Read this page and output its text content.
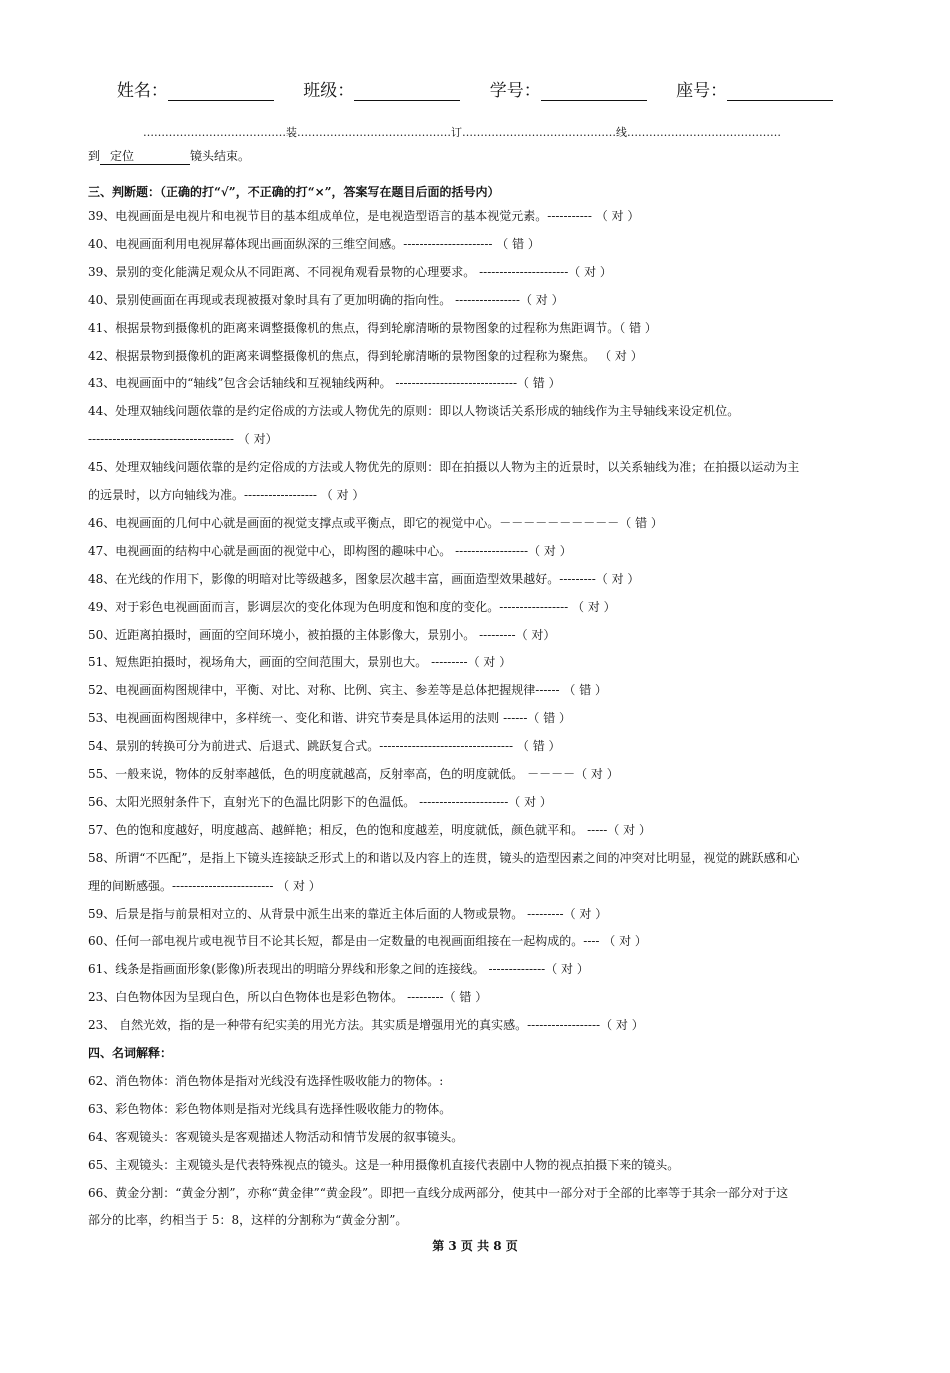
姓名：	班级：	学号：	座号：
…………………………………装……………………………………订……………………………………线……………………………………
到 定位	镜头结束。
三、判断题：（正确的打“√”，不正确的打“×”，答案写在题目后面的括号内）
39、电视画面是电视片和电视节目的基本组成单位，是电视造型语言的基本视觉元素。----------- （ 对 ）
40、电视画面利用电视屏幕体现出画面纵深的三维空间感。---------------------- （ 错 ）
39、景别的变化能满足观众从不同距离、不同视角观看景物的心理要求。 ----------------------（ 对 ）
40、景别使画面在再现或表现被摄对象时具有了更加明确的指向性。 ----------------（ 对 ）
41、根据景物到摄像机的距离来调整摄像机的焦点，得到轮廓清晰的景物图象的过程称为焦距调节。（ 错 ）
42、根据景物到摄像机的距离来调整摄像机的焦点，得到轮廓清晰的景物图象的过程称为聚焦。 （ 对 ）
43、电视画面中的“轴线”包含会话轴线和互视轴线两种。 ------------------------------（ 错 ）
44、处理双轴线问题依靠的是约定俗成的方法或人物优先的原则：即以人物谈话关系形成的轴线作为主导轴线来设定机位。
------------------------------------ （ 对）
45、处理双轴线问题依靠的是约定俗成的方法或人物优先的原则：即在拍摄以人物为主的近景时，以关系轴线为准；在拍摄以运动为主
的远景时，以方向轴线为准。------------------ （ 对 ）
46、电视画面的几何中心就是画面的视觉支撑点或平衡点，即它的视觉中心。－－－－－－－－－－（ 错 ）
47、电视画面的结构中心就是画面的视觉中心，即构图的趣味中心。 ------------------（ 对 ）
48、在光线的作用下，影像的明暗对比等级越多，图象层次越丰富，画面造型效果越好。---------（ 对 ）
49、对于彩色电视画面而言，影调层次的变化体现为色明度和饱和度的变化。----------------- （ 对 ）
50、近距离拍摄时，画面的空间环境小，被拍摄的主体影像大，景别小。 ---------（ 对）
51、短焦距拍摄时，视场角大，画面的空间范围大，景别也大。 ---------（ 对 ）
52、电视画面构图规律中，平衡、对比、对称、比例、宾主、参差等是总体把握规律------ （ 错 ）
53、电视画面构图规律中，多样统一、变化和谐、讲究节奏是具体运用的法则 ------（ 错 ）
54、景别的转换可分为前进式、后退式、跳跃复合式。--------------------------------- （ 错 ）
55、一般来说，物体的反射率越低，色的明度就越高，反射率高，色的明度就低。 －－－－（ 对 ）
56、太阳光照射条件下，直射光下的色温比阴影下的色温低。 ----------------------（ 对 ）
57、色的饱和度越好，明度越高、越鲜艳；相反，色的饱和度越差，明度就低，颜色就平和。 -----（ 对 ）
58、所谓“不匹配”，是指上下镜头连接缺乏形式上的和谐以及内容上的连贯，镜头的造型因素之间的冲突对比明显，视觉的跳跃感和心
理的间断感强。------------------------- （ 对 ）
59、后景是指与前景相对立的、从背景中派生出来的靠近主体后面的人物或景物。 ---------（ 对 ）
60、任何一部电视片或电视节目不论其长短，都是由一定数量的电视画面组接在一起构成的。---- （ 对 ）
61、线条是指画面形象(影像)所表现出的明暗分界线和形象之间的连接线。 --------------（ 对 ）
23、白色物体因为呈现白色，所以白色物体也是彩色物体。 ---------（ 错 ）
23、 自然光效，指的是一种带有纪实美的用光方法。其实质是增强用光的真实感。------------------（ 对 ）
四、名词解释：
62、消色物体：消色物体是指对光线没有选择性吸收能力的物体。:
63、彩色物体：彩色物体则是指对光线具有选择性吸收能力的物体。
64、客观镜头：客观镜头是客观描述人物活动和情节发展的叙事镜头。
65、主观镜头：主观镜头是代表特殊视点的镜头。这是一种用摄像机直接代表剧中人物的视点拍摄下来的镜头。
66、黄金分割：“黄金分割”，亦称“黄金律”“黄金段”。即把一直线分成两部分，使其中一部分对于全部的比率等于其余一部分对于这
部分的比率，约相当于 5：8，这样的分割称为“黄金分割”。
第 3 页 共 8 页
